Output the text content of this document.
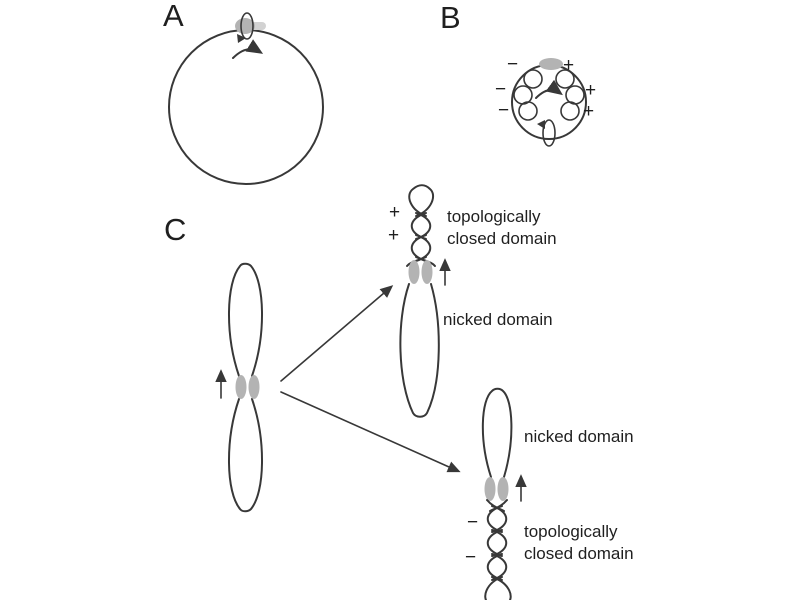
A	B
C
−
−
−
+
+
+
+
+
topologically
closed domain
nicked domain
nicked domain
−
−
topologically
closed domain
